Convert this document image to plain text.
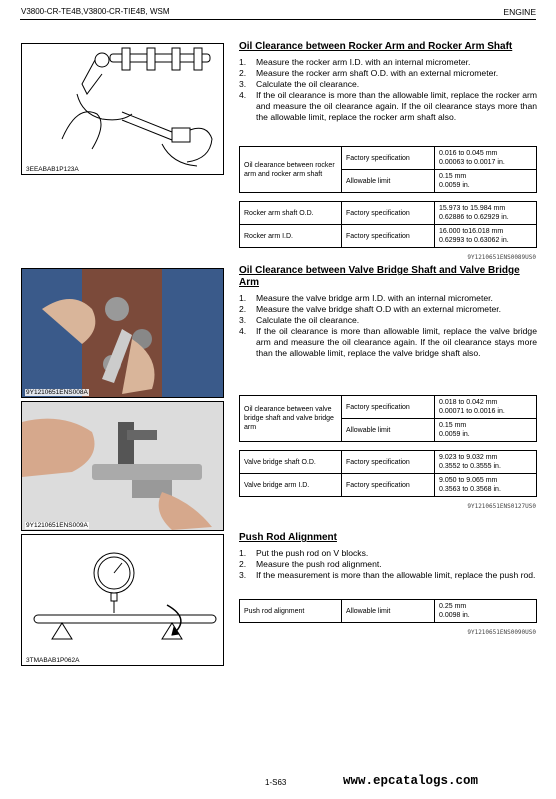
V3800-CR-TE4B,V3800-CR-TIE4B, WSM	ENGINE
3EEABAB1P123A
9Y1210651ENS008A
9Y1210651ENS009A
3TMABAB1P062A
Oil Clearance between Rocker Arm and Rocker Arm Shaft
1. Measure the rocker arm I.D. with an internal micrometer.
2. Measure the rocker arm shaft O.D. with an external micrometer.
3. Calculate the oil clearance.
4. If the oil clearance is more than the allowable limit, replace the rocker arm and measure the oil clearance again. If the oil clearance stays more than the allowable limit, replace the rocker arm shaft also.
Oil clearance between rocker arm and rocker arm shaft	Factory specification	0.016 to 0.045 mm
0.00063 to 0.0017 in.
	Allowable limit	0.15 mm
0.0059 in.
Rocker arm shaft O.D.	Factory specification	15.973 to 15.984 mm
0.62886 to 0.62929 in.
Rocker arm I.D.	Factory specification	16.000 to16.018 mm
0.62993 to 0.63062 in.
9Y1210651ENS0089US0
Oil Clearance between Valve Bridge Shaft and Valve Bridge Arm
1. Measure the valve bridge arm I.D. with an internal micrometer.
2. Measure the valve bridge shaft O.D with an external micrometer.
3. Calculate the oil clearance.
4. If the oil clearance is more than allowable limit, replace the valve bridge arm and measure the oil clearance again. If the oil clearance stays more than the allowable limit, replace the valve bridge shaft also.
Oil clearance between valve bridge shaft and valve bridge arm	Factory specification	0.018 to 0.042 mm
0.00071 to 0.0016 in.
	Allowable limit	0.15 mm
0.0059 in.
Valve bridge shaft O.D.	Factory specification	9.023 to 9.032 mm
0.3552 to 0.3555 in.
Valve bridge arm I.D.	Factory specification	9.050 to 9.065 mm
0.3563 to 0.3568 in.
9Y1210651ENS0127US0
Push Rod Alignment
1. Put the push rod on V blocks.
2. Measure the push rod alignment.
3. If the measurement is more than the allowable limit, replace the push rod.
Push rod alignment	Allowable limit	0.25 mm
0.0098 in.
9Y1210651ENS0090US0
1-S63	www.epcatalogs.com
